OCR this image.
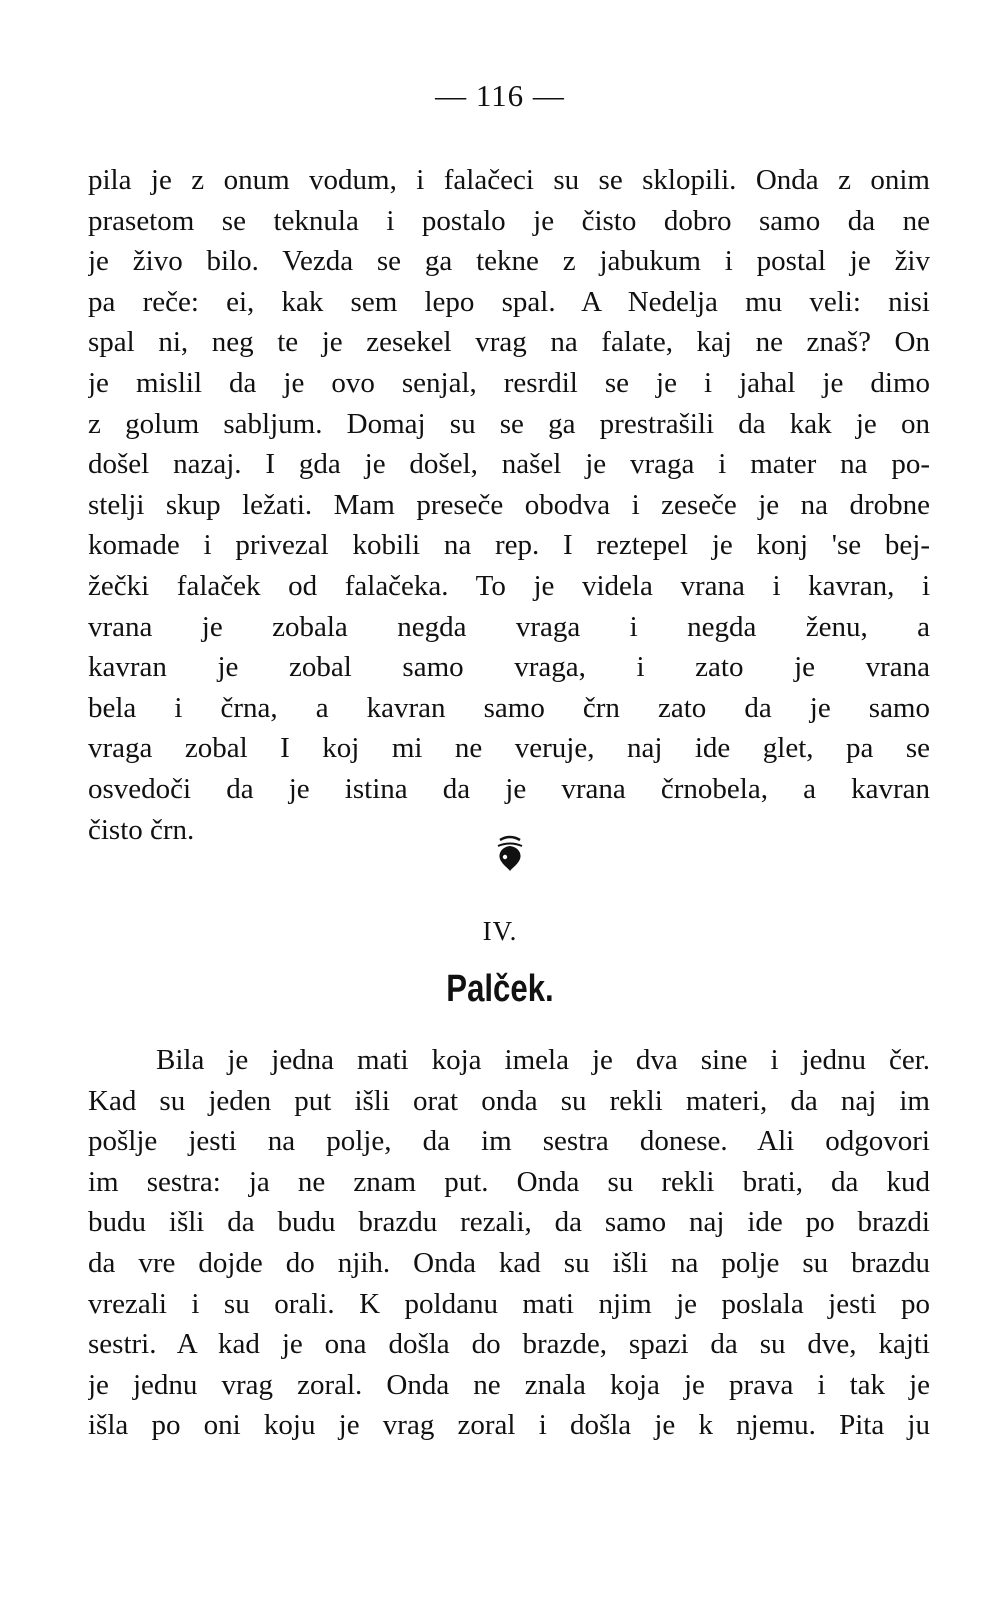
— 116 —
pila je z onum vodum, i falačeci su se sklopili. Onda z onim
prasetom se teknula i postalo je čisto dobro samo da ne
je živo bilo. Vezda se ga tekne z jabukum i postal je živ
pa reče: ei, kak sem lepo spal. A Nedelja mu veli: nisi
spal ni, neg te je zesekel vrag na falate, kaj ne znaš? On
je mislil da je ovo senjal, resrdil se je i jahal je dimo
z golum sabljum. Domaj su se ga prestrašili da kak je on
došel nazaj. I gda je došel, našel je vraga i mater na po-
stelji skup ležati. Mam preseče obodva i zeseče je na drobne
komade i privezal kobili na rep. I reztepel je konj 'se bej-
žečki falaček od falačeka. To je videla vrana i kavran, i
vrana je zobala negda vraga i negda ženu, a
kavran je zobal samo vraga, i zato je vrana
bela i črna, a kavran samo črn zato da je samo
vraga zobal I koj mi ne veruje, naj ide glet, pa se
osvedoči da je istina da je vrana črnobela, a kavran
čisto črn.
IV.
Palček.
Bila je jedna mati koja imela je dva sine i jednu čer.
Kad su jeden put išli orat onda su rekli materi, da naj im
pošlje jesti na polje, da im sestra donese. Ali odgovori
im sestra: ja ne znam put. Onda su rekli brati, da kud
budu išli da budu brazdu rezali, da samo naj ide po brazdi
da vre dojde do njih. Onda kad su išli na polje su brazdu
vrezali i su orali. K poldanu mati njim je poslala jesti po
sestri. A kad je ona došla do brazde, spazi da su dve, kajti
je jednu vrag zoral. Onda ne znala koja je prava i tak je
išla po oni koju je vrag zoral i došla je k njemu. Pita ju
